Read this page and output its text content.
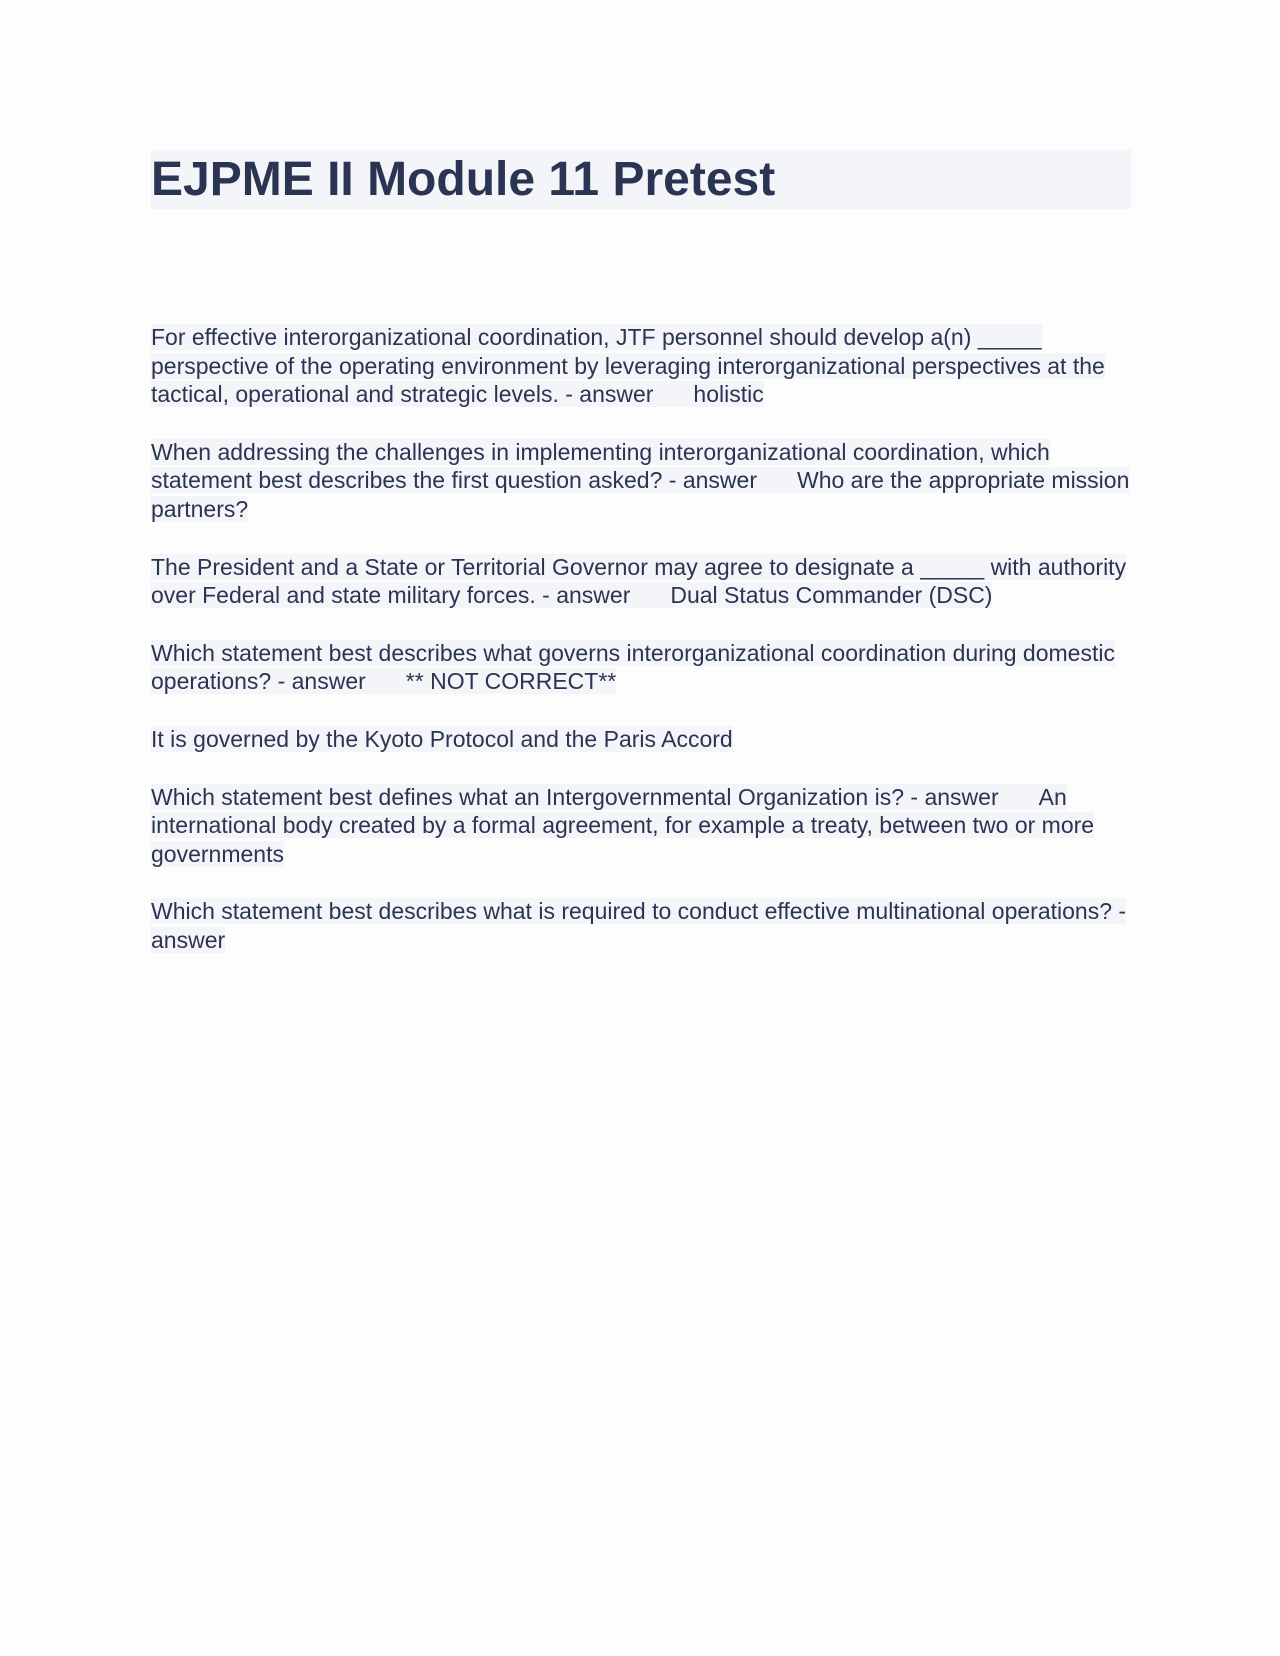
EJPME II Module 11 Pretest

For effective interorganizational coordination, JTF personnel should develop a(n) _____ perspective of the operating environment by leveraging interorganizational perspectives at the tactical, operational and strategic levels. - answer holistic

When addressing the challenges in implementing interorganizational coordination, which statement best describes the first question asked? - answer Who are the appropriate mission partners?

The President and a State or Territorial Governor may agree to designate a _____ with authority over Federal and state military forces. - answer Dual Status Commander (DSC)

Which statement best describes what governs interorganizational coordination during domestic operations? - answer ** NOT CORRECT**

It is governed by the Kyoto Protocol and the Paris Accord

Which statement best defines what an Intergovernmental Organization is? - answer An international body created by a formal agreement, for example a treaty, between two or more governments

Which statement best describes what is required to conduct effective multinational operations? - answer
